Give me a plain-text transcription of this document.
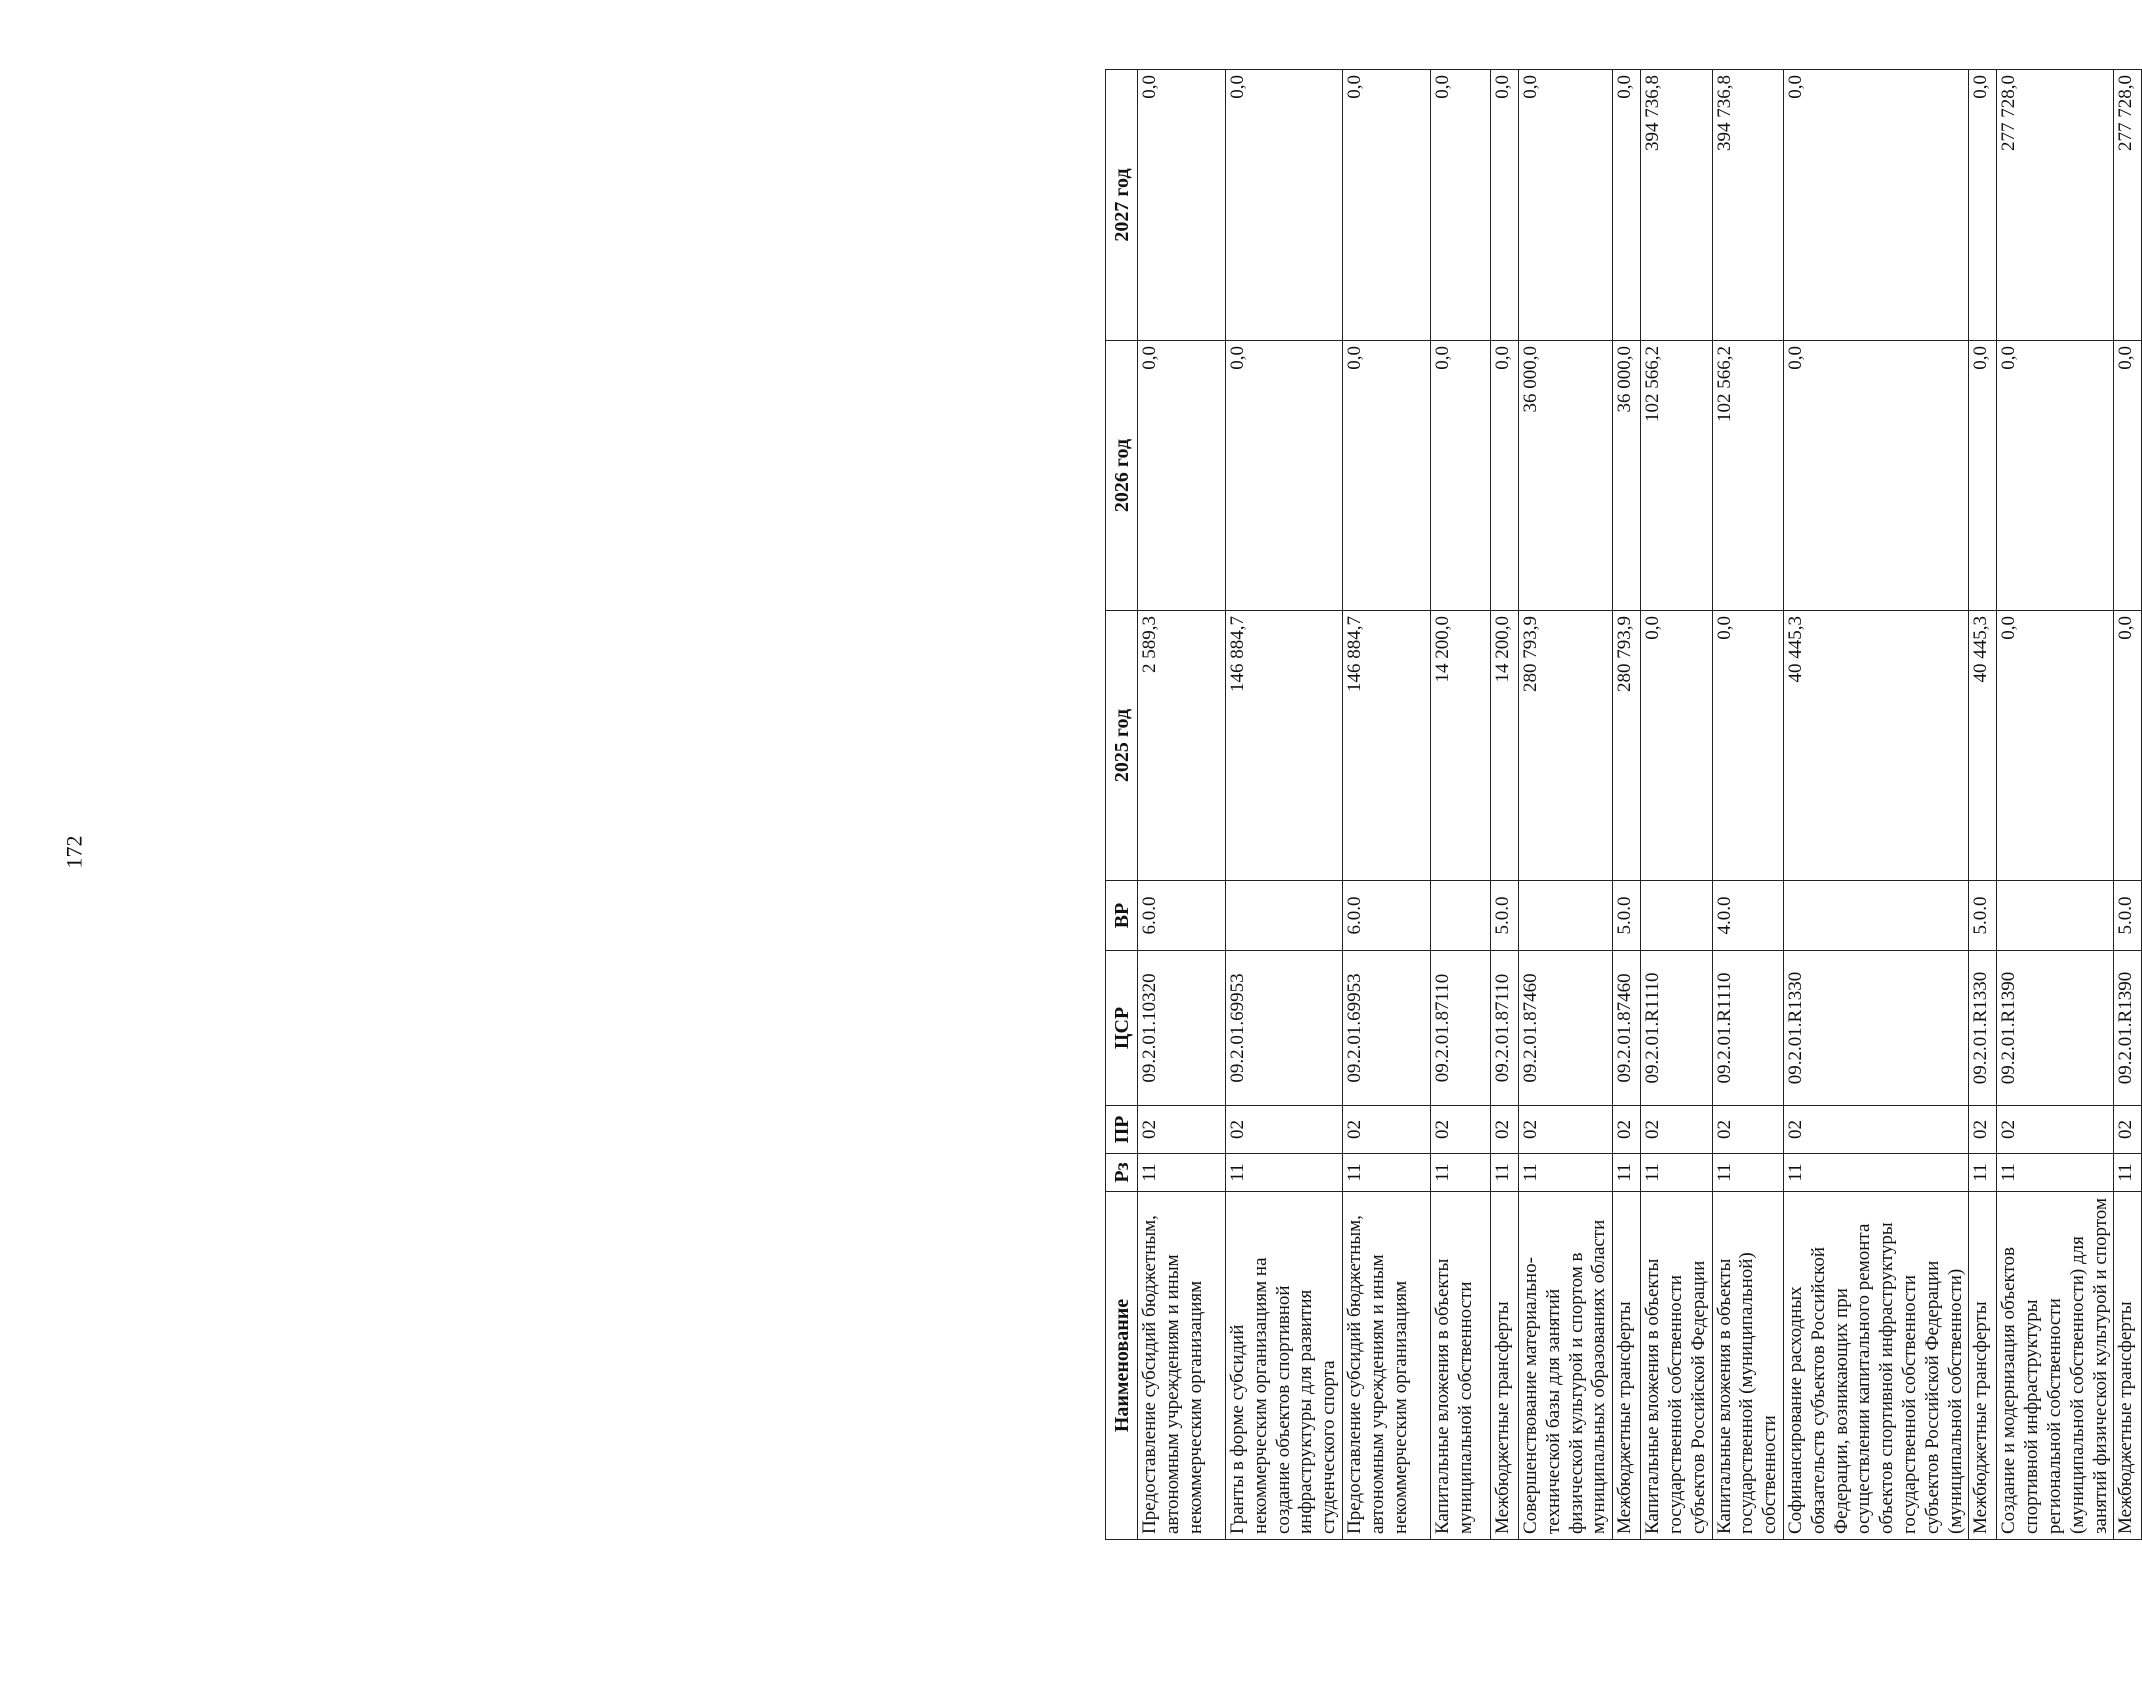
172
Наименование	Рз	ПР	ЦСР	ВР	2025 год	2026 год	2027 год
Предоставление субсидий бюджетным, автономным учреждениям и иным некоммерческим организациям	11	02	09.2.01.10320	6.0.0	2 589,3	0,0	0,0
Гранты в форме субсидий некоммерческим организациям на создание объектов спортивной инфраструктуры для развития студенческого спорта	11	02	09.2.01.69953		146 884,7	0,0	0,0
Предоставление субсидий бюджетным, автономным учреждениям и иным некоммерческим организациям	11	02	09.2.01.69953	6.0.0	146 884,7	0,0	0,0
Капитальные вложения в объекты муниципальной собственности	11	02	09.2.01.87110		14 200,0	0,0	0,0
Межбюджетные трансферты	11	02	09.2.01.87110	5.0.0	14 200,0	0,0	0,0
Совершенствование материально-технической базы для занятий физической культурой и спортом в муниципальных образованиях области	11	02	09.2.01.87460		280 793,9	36 000,0	0,0
Межбюджетные трансферты	11	02	09.2.01.87460	5.0.0	280 793,9	36 000,0	0,0
Капитальные вложения в объекты государственной собственности субъектов Российской Федерации	11	02	09.2.01.R1110		0,0	102 566,2	394 736,8
Капитальные вложения в объекты государственной (муниципальной) собственности	11	02	09.2.01.R1110	4.0.0	0,0	102 566,2	394 736,8
Софинансирование расходных обязательств субъектов Российской Федерации, возникающих при осуществлении капитального ремонта объектов спортивной инфраструктуры государственной собственности субъектов Российской Федерации (муниципальной собственности)	11	02	09.2.01.R1330		40 445,3	0,0	0,0
Межбюджетные трансферты	11	02	09.2.01.R1330	5.0.0	40 445,3	0,0	0,0
Создание и модернизация объектов спортивной инфраструктуры региональной собственности (муниципальной собственности) для занятий физической культурой и спортом	11	02	09.2.01.R1390		0,0	0,0	277 728,0
Межбюджетные трансферты	11	02	09.2.01.R1390	5.0.0	0,0	0,0	277 728,0
